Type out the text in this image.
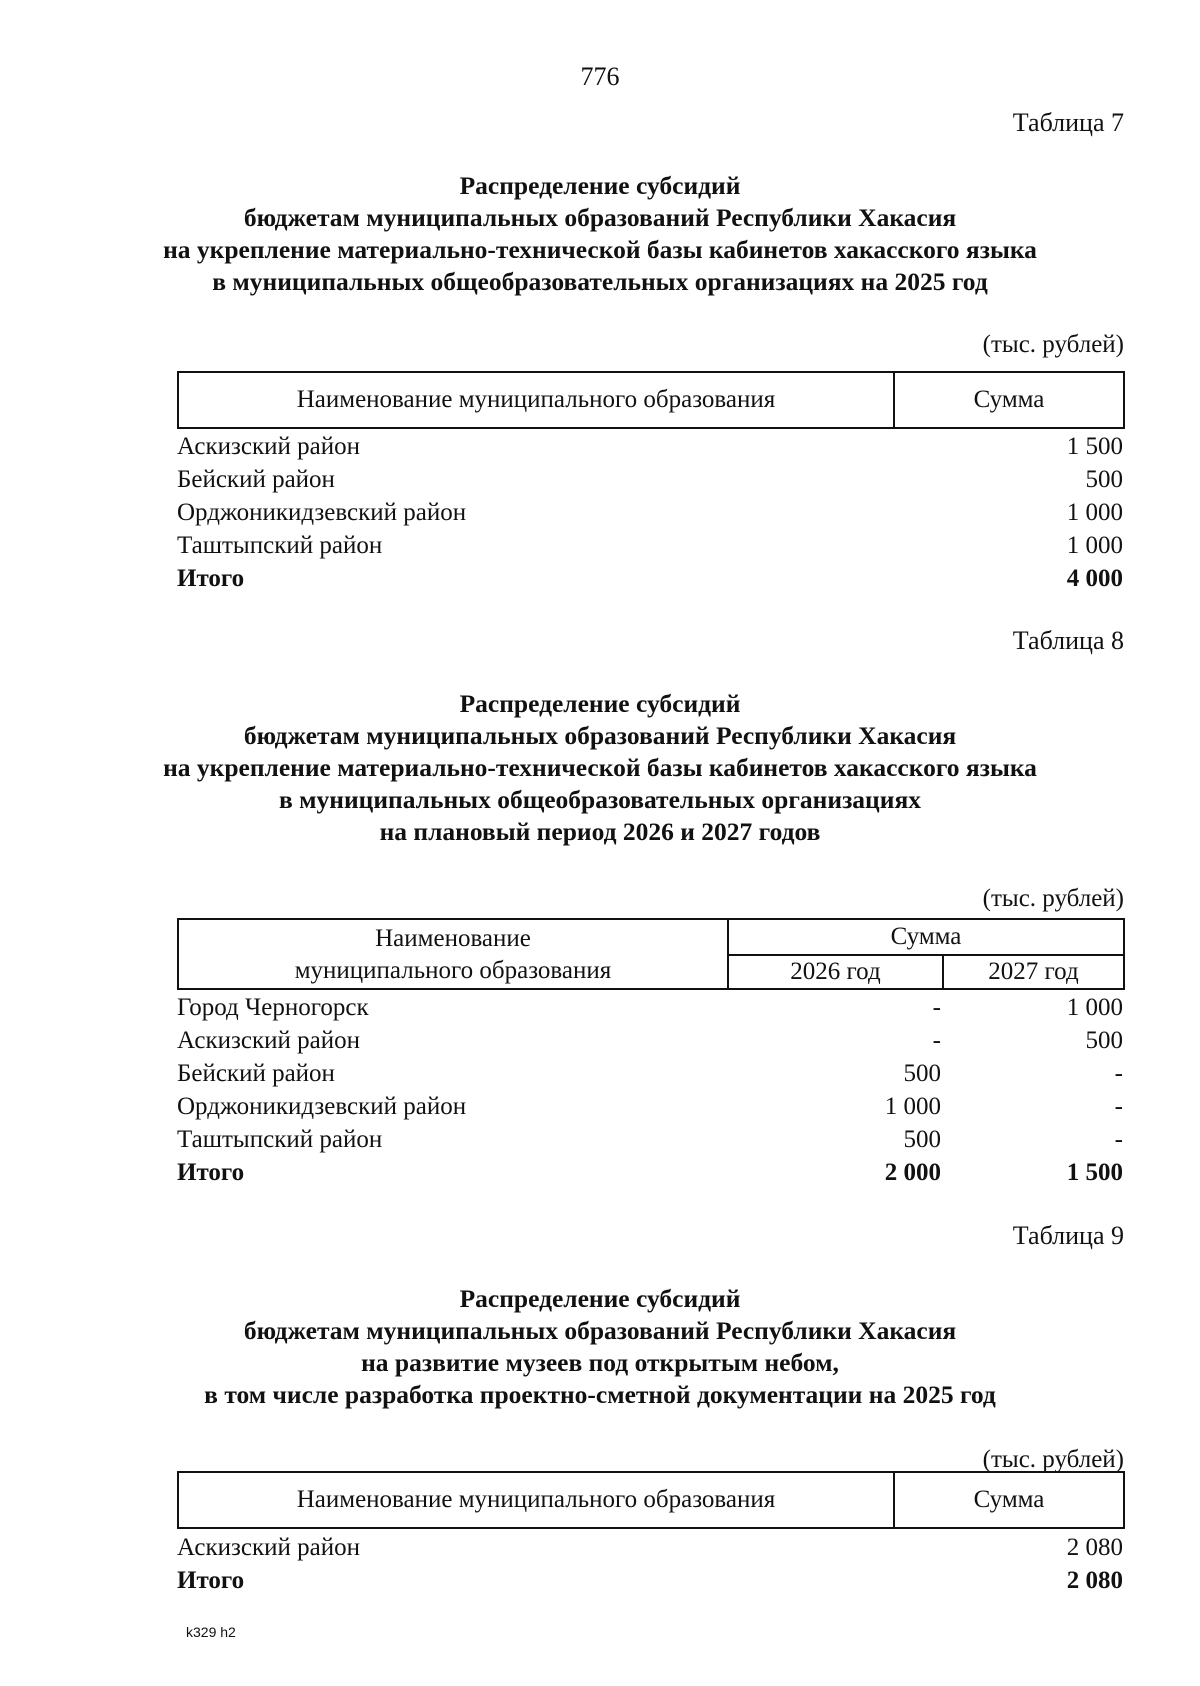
776
Таблица 7
Распределение субсидий
бюджетам муниципальных образований Республики Хакасия
на укрепление материально-технической базы кабинетов хакасского языка
в муниципальных общеобразовательных организациях на 2025 год
(тыс. рублей)
Наименование муниципального образования	Сумма
Аскизский район	1 500
Бейский район	500
Орджоникидзевский район	1 000
Таштыпский район	1 000
Итого	4 000
Таблица 8
Распределение субсидий
бюджетам муниципальных образований Республики Хакасия
на укрепление материально-технической базы кабинетов хакасского языка
в муниципальных общеобразовательных организациях
на плановый период 2026 и 2027 годов
(тыс. рублей)
Наименование
муниципального образования
Сумма
2026 год	2027 год
Город Черногорск	-	1 000
Аскизский район	-	500
Бейский район	500	-
Орджоникидзевский район	1 000	-
Таштыпский район	500	-
Итого	2 000	1 500
Таблица 9
Распределение субсидий
бюджетам муниципальных образований Республики Хакасия
на развитие музеев под открытым небом,
в том числе разработка проектно-сметной документации на 2025 год
(тыс. рублей)
Наименование муниципального образования	Сумма
Аскизский район	2 080
Итого	2 080
k329 h2
